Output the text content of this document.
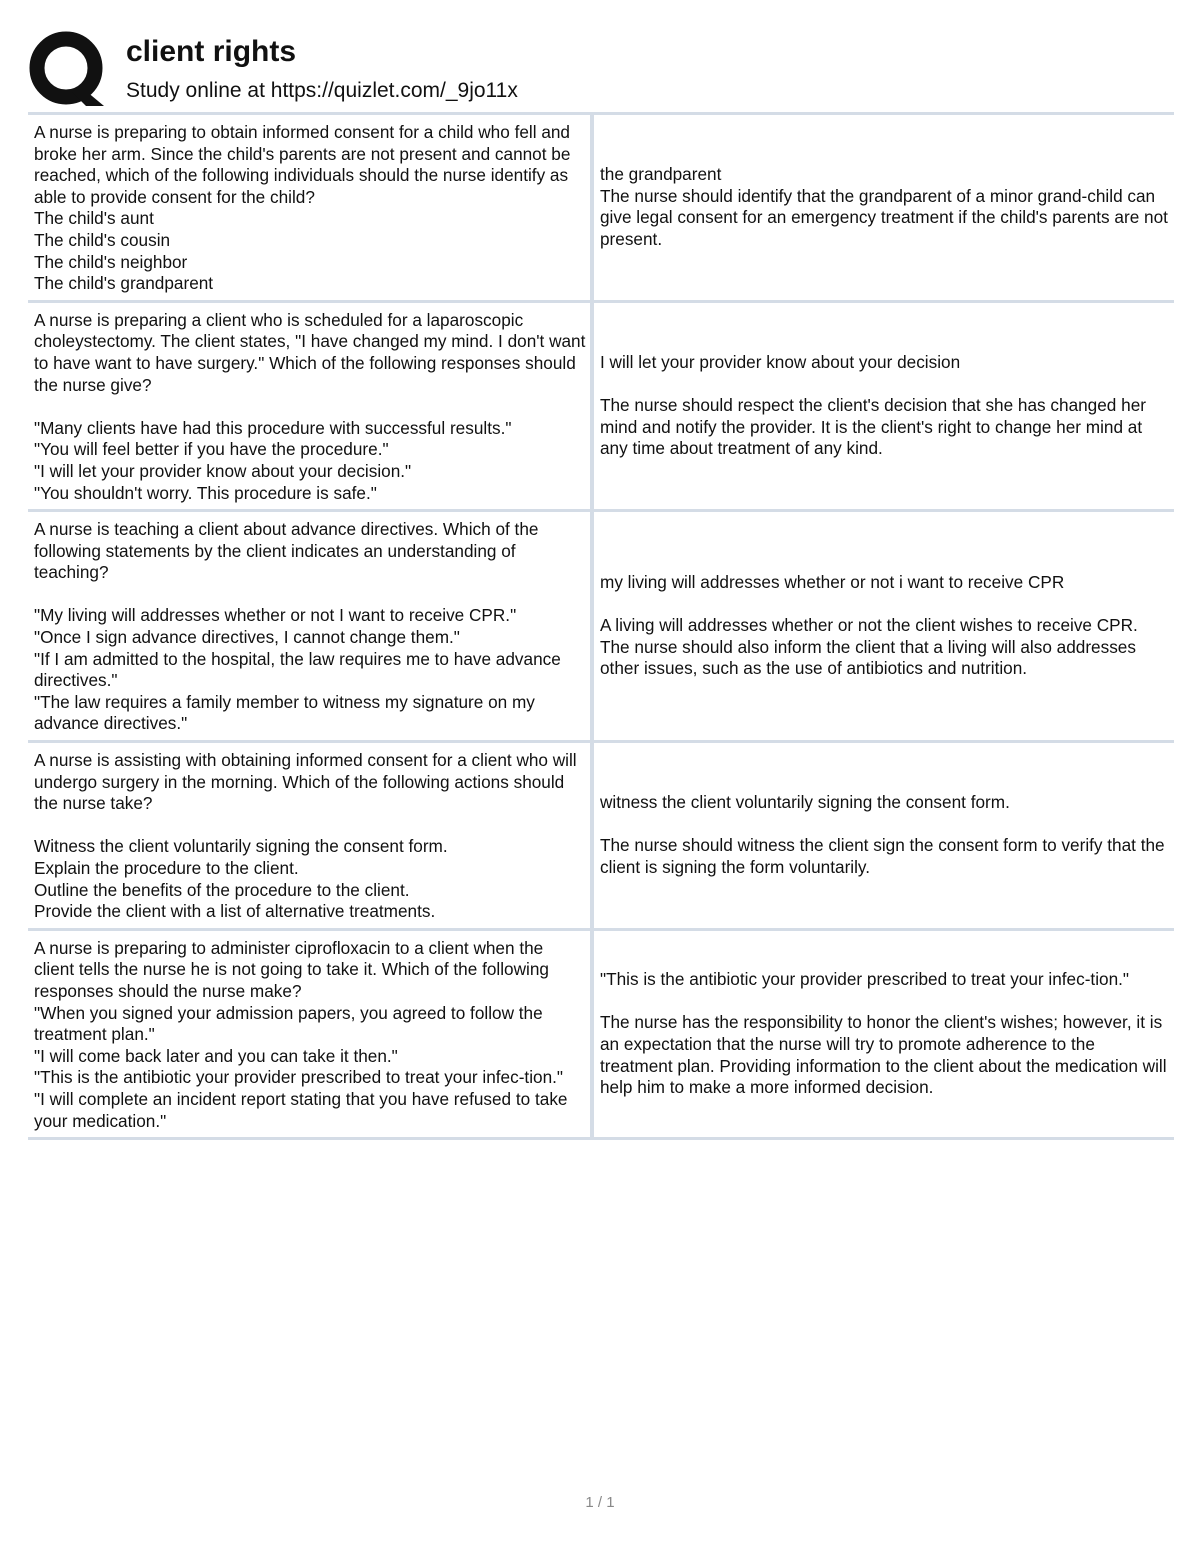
client rights
Study online at https://quizlet.com/_9jo11x
A nurse is preparing to obtain informed consent for a child who fell and broke her arm. Since the child's parents are not present and cannot be reached, which of the following individuals should the nurse identify as able to provide consent for the child?
The child's aunt
The child's cousin
The child's neighbor
The child's grandparent
the grandparent
The nurse should identify that the grandparent of a minor grand-child can give legal consent for an emergency treatment if the child's parents are not present.
A nurse is preparing a client who is scheduled for a laparoscopic choleystectomy. The client states, "I have changed my mind. I don't want to have want to have surgery." Which of the following responses should the nurse give?

"Many clients have had this procedure with successful results."
"You will feel better if you have the procedure."
"I will let your provider know about your decision."
"You shouldn't worry. This procedure is safe."
I will let your provider know about your decision
The nurse should respect the client's decision that she has changed her mind and notify the provider. It is the client's right to change her mind at any time about treatment of any kind.
A nurse is teaching a client about advance directives. Which of the following statements by the client indicates an understanding of teaching?

"My living will addresses whether or not I want to receive CPR."
"Once I sign advance directives, I cannot change them."
"If I am admitted to the hospital, the law requires me to have advance directives."
"The law requires a family member to witness my signature on my advance directives."
my living will addresses whether or not i want to receive CPR
A living will addresses whether or not the client wishes to receive CPR. The nurse should also inform the client that a living will also addresses other issues, such as the use of antibiotics and nutrition.
A nurse is assisting with obtaining informed consent for a client who will undergo surgery in the morning. Which of the following actions should the nurse take?

Witness the client voluntarily signing the consent form.
Explain the procedure to the client.
Outline the benefits of the procedure to the client.
Provide the client with a list of alternative treatments.
witness the client voluntarily signing the consent form.
The nurse should witness the client sign the consent form to verify that the client is signing the form voluntarily.
A nurse is preparing to administer ciprofloxacin to a client when the client tells the nurse he is not going to take it. Which of the following responses should the nurse make?
"When you signed your admission papers, you agreed to follow the treatment plan."
"I will come back later and you can take it then."
"This is the antibiotic your provider prescribed to treat your infec-tion."
"I will complete an incident report stating that you have refused to take your medication."
"This is the antibiotic your provider prescribed to treat your infec-tion."
The nurse has the responsibility to honor the client's wishes; however, it is an expectation that the nurse will try to promote adherence to the treatment plan. Providing information to the client about the medication will help him to make a more informed decision.
1 / 1
